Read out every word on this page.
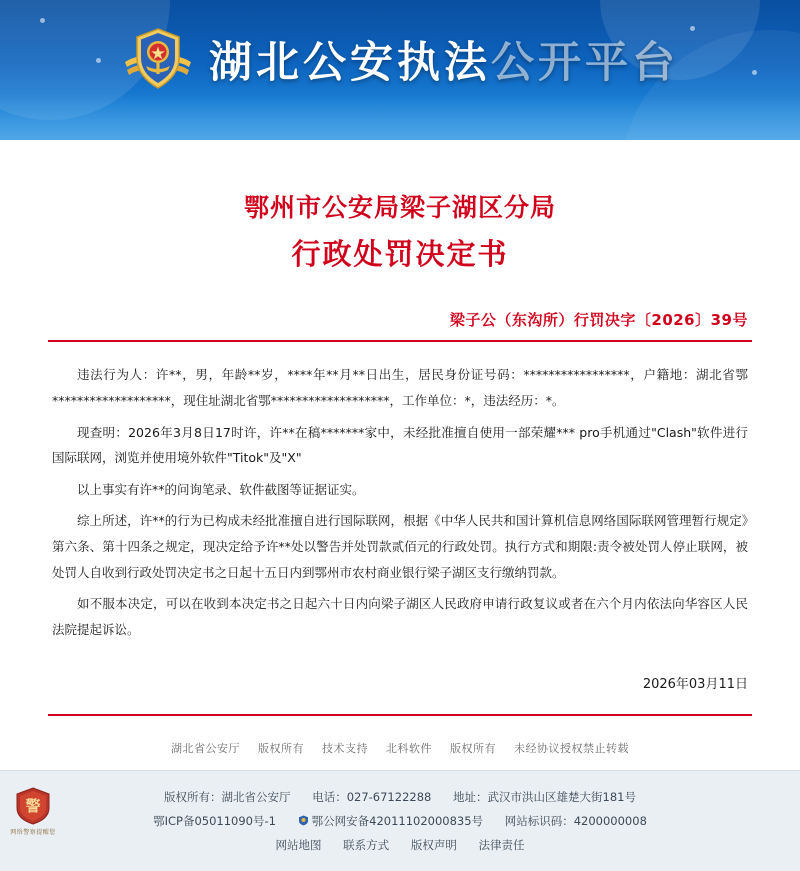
湖北公安执法公开平台
鄂州市公安局梁子湖区分局
行政处罚决定书
梁子公（东沟所）行罚决字〔2026〕39号

违法行为人：许**，男，年龄**岁，****年**月**日出生，居民身份证号码：*****************，户籍地：湖北省鄂*******************，现住址湖北省鄂*******************，工作单位：*，违法经历：*。

现查明：2026年3月8日17时许，许**在稿*******家中，未经批准擅自使用一部荣耀*** pro手机通过"Clash"软件进行国际联网，浏览并使用境外软件"Titok"及"X"

以上事实有许**的问询笔录、软件截图等证据证实。

综上所述，许**的行为已构成未经批准擅自进行国际联网，根据《中华人民共和国计算机信息网络国际联网管理暂行规定》第六条、第十四条之规定，现决定给予许**处以警告并处罚款贰佰元的行政处罚。执行方式和期限:责令被处罚人停止联网，被处罚人自收到行政处罚决定书之日起十五日内到鄂州市农村商业银行梁子湖区支行缴纳罚款。

如不服本决定，可以在收到本决定书之日起六十日内向梁子湖区人民政府申请行政复议或者在六个月内依法向华容区人民法院提起诉讼。

2026年03月11日
湖北省公安厅 版权所有 技术支持 北科软件 版权所有 未经协议授权禁止转载
警
网络警察提醒您
版权所有：湖北省公安厅 电话：027-67122288 地址：武汉市洪山区雄楚大街181号
鄂ICP备05011090号-1	鄂公网安备42011102000835号 网站标识码：4200000008
网站地图 联系方式 版权声明 法律责任
